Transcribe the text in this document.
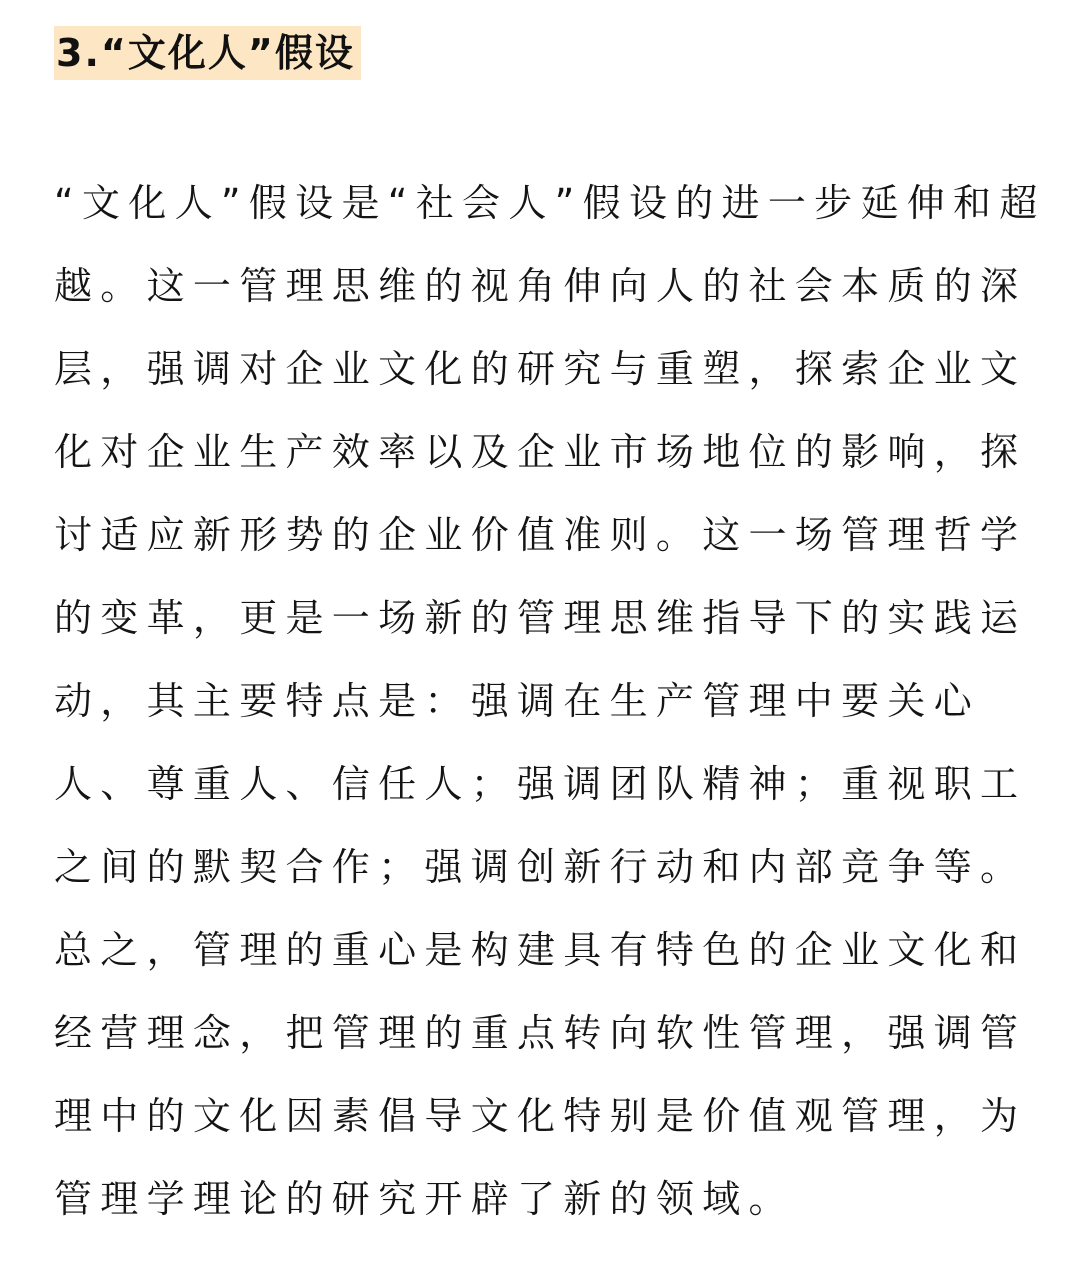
3.“文化人”假设
“文化人”假设是“社会人”假设的进一步延伸和超
越。这一管理思维的视角伸向人的社会本质的深
层，强调对企业文化的研究与重塑，探索企业文
化对企业生产效率以及企业市场地位的影响，探
讨适应新形势的企业价值准则。这一场管理哲学
的变革，更是一场新的管理思维指导下的实践运
动，其主要特点是：强调在生产管理中要关心
人、尊重人、信任人；强调团队精神；重视职工
之间的默契合作；强调创新行动和内部竞争等。
总之，管理的重心是构建具有特色的企业文化和
经营理念，把管理的重点转向软性管理，强调管
理中的文化因素倡导文化特别是价值观管理，为
管理学理论的研究开辟了新的领域。
